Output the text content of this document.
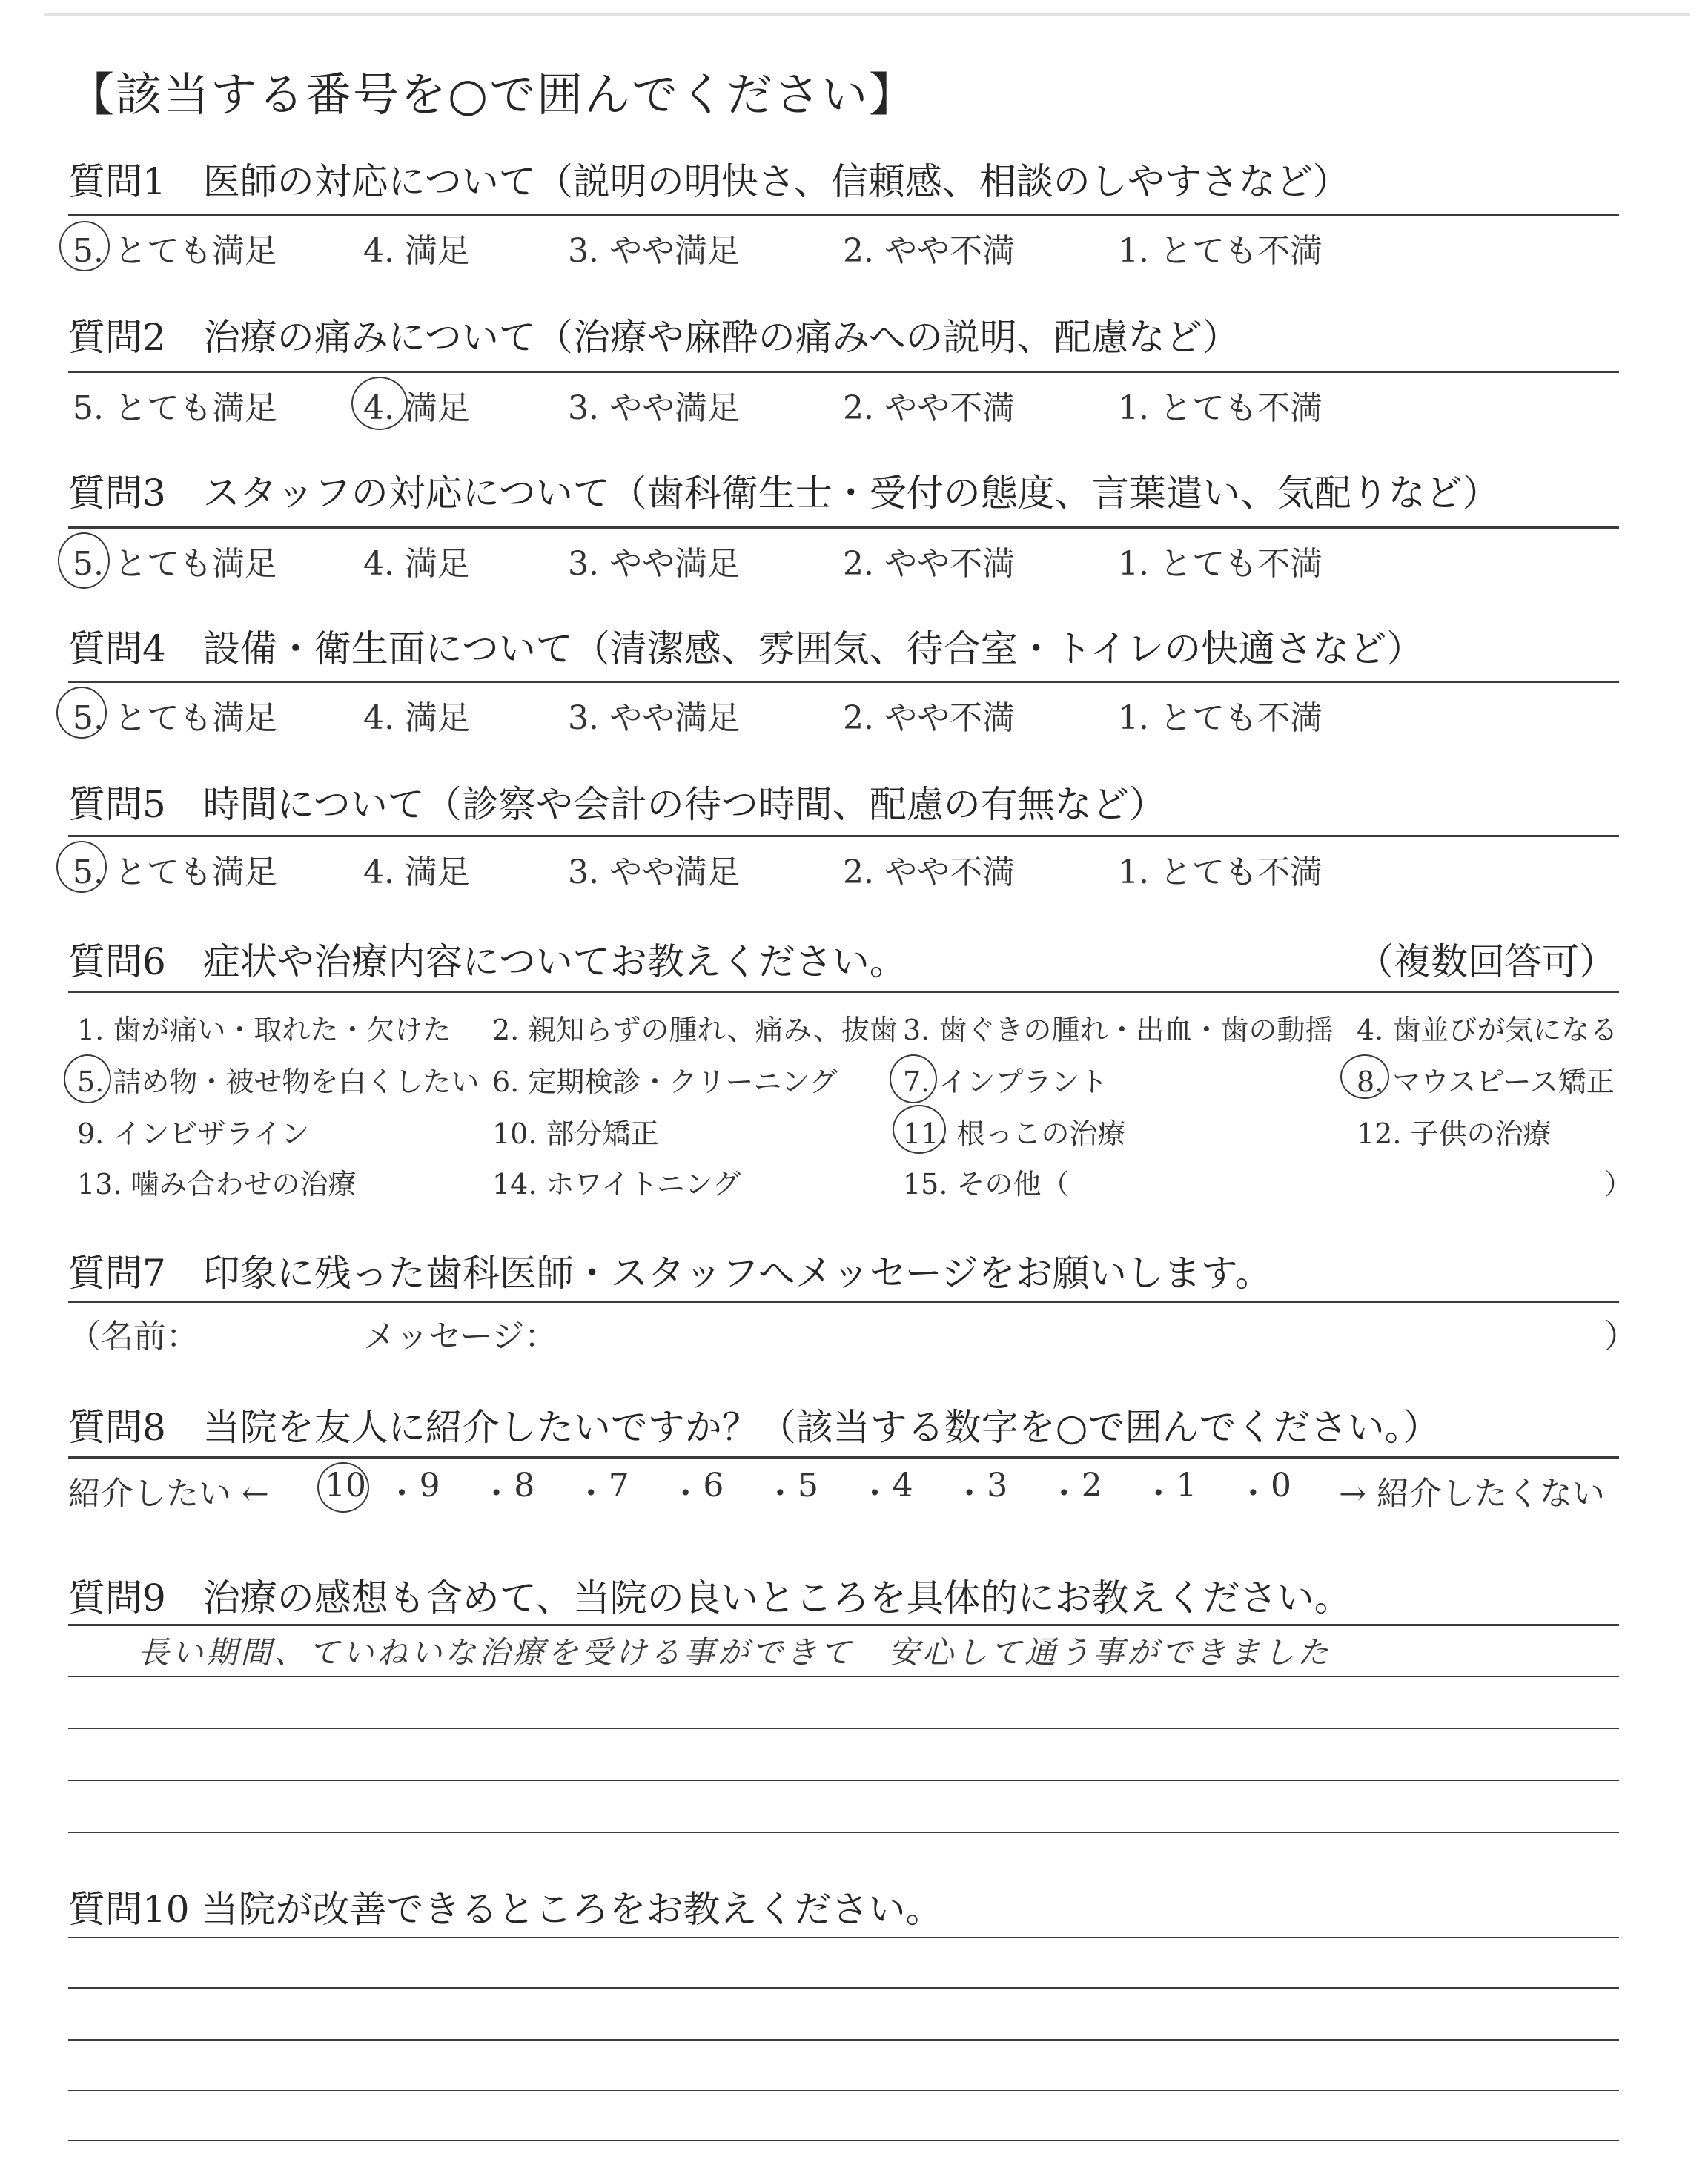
【該当する番号を○で囲んでください】
質問1　医師の対応について（説明の明快さ、信頼感、相談のしやすさなど）
5. とても満足	4. 満足	3. やや満足	2. やや不満	1. とても不満
質問2　治療の痛みについて（治療や麻酔の痛みへの説明、配慮など）
5. とても満足	4. 満足	3. やや満足	2. やや不満	1. とても不満
質問3　スタッフの対応について（歯科衛生士・受付の態度、言葉遣い、気配りなど）
5. とても満足	4. 満足	3. やや満足	2. やや不満	1. とても不満
質問4　設備・衛生面について（清潔感、雰囲気、待合室・トイレの快適さなど）
5. とても満足	4. 満足	3. やや満足	2. やや不満	1. とても不満
質問5　時間について（診察や会計の待つ時間、配慮の有無など）
5. とても満足	4. 満足	3. やや満足	2. やや不満	1. とても不満
質問6　症状や治療内容についてお教えください。	（複数回答可）
1. 歯が痛い・取れた・欠けた 2. 親知らずの腫れ、痛み、抜歯 3. 歯ぐきの腫れ・出血・歯の動揺 4. 歯並びが気になる
5. 詰め物・被せ物を白くしたい 6. 定期検診・クリーニング 7. インプラント	8. マウスピース矯正
9. インビザライン	10. 部分矯正	11. 根っこの治療	12. 子供の治療
13. 噛み合わせの治療	14. ホワイトニング	15. その他（	）
質問7　印象に残った歯科医師・スタッフへメッセージをお願いします。
（名前：	メッセージ：	）
質問8　当院を友人に紹介したいですか？（該当する数字を○で囲んでください。）
紹介したい ← 10 ・ 9 ・ 8 ・ 7 ・ 6 ・ 5 ・ 4 ・ 3 ・ 2 ・ 1 ・ 0 → 紹介したくない
質問9　治療の感想も含めて、当院の良いところを具体的にお教えください。
長い期間、ていねいな治療を受ける事ができて　安心して通う事ができました
質問10 当院が改善できるところをお教えください。
